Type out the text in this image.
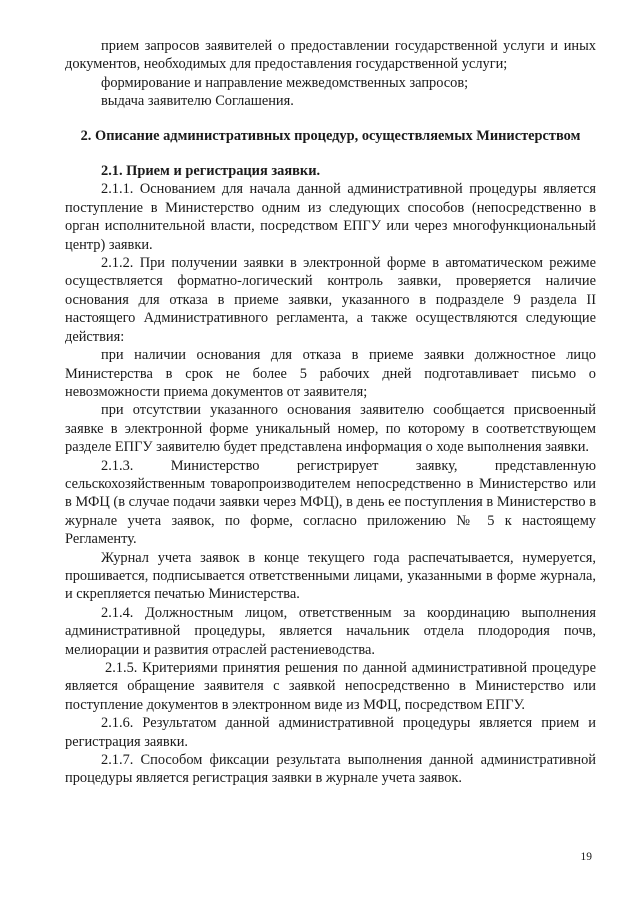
прием запросов заявителей о предоставлении государственной услуги и иных документов, необходимых для предоставления государственной услуги;

формирование и направление межведомственных запросов;

выдача заявителю Соглашения.

2. Описание административных процедур, осуществляемых Министерством

2.1. Прием и регистрация заявки.

2.1.1. Основанием для начала данной административной процедуры является поступление в Министерство одним из следующих способов (непосредственно в орган исполнительной власти, посредством ЕПГУ или через многофункциональный центр) заявки.

2.1.2. При получении заявки в электронной форме в автоматическом режиме осуществляется форматно-логический контроль заявки, проверяется наличие основания для отказа в приеме заявки, указанного в подразделе 9 раздела II настоящего Административного регламента, а также осуществляются следующие действия:

при наличии основания для отказа в приеме заявки должностное лицо Министерства в срок не более 5 рабочих дней подготавливает письмо о невозможности приема документов от заявителя;

при отсутствии указанного основания заявителю сообщается присвоенный заявке в электронной форме уникальный номер, по которому в соответствующем разделе ЕПГУ заявителю будет представлена информация о ходе выполнения заявки.

2.1.3. Министерство регистрирует заявку, представленную сельскохозяйственным товаропроизводителем непосредственно в Министерство или в МФЦ (в случае подачи заявки через МФЦ), в день ее поступления в Министерство в журнале учета заявок, по форме, согласно приложению № 5 к настоящему Регламенту.

Журнал учета заявок в конце текущего года распечатывается, нумеруется, прошивается, подписывается ответственными лицами, указанными в форме журнала, и скрепляется печатью Министерства.

2.1.4. Должностным лицом, ответственным за координацию выполнения административной процедуры, является начальник отдела плодородия почв, мелиорации и развития отраслей растениеводства.

2.1.5. Критериями принятия решения по данной административной процедуре является обращение заявителя с заявкой непосредственно в Министерство или поступление документов в электронном виде из МФЦ, посредством ЕПГУ.

2.1.6. Результатом данной административной процедуры является прием и регистрация заявки.

2.1.7. Способом фиксации результата выполнения данной административной процедуры является регистрация заявки в журнале учета заявок.

19
